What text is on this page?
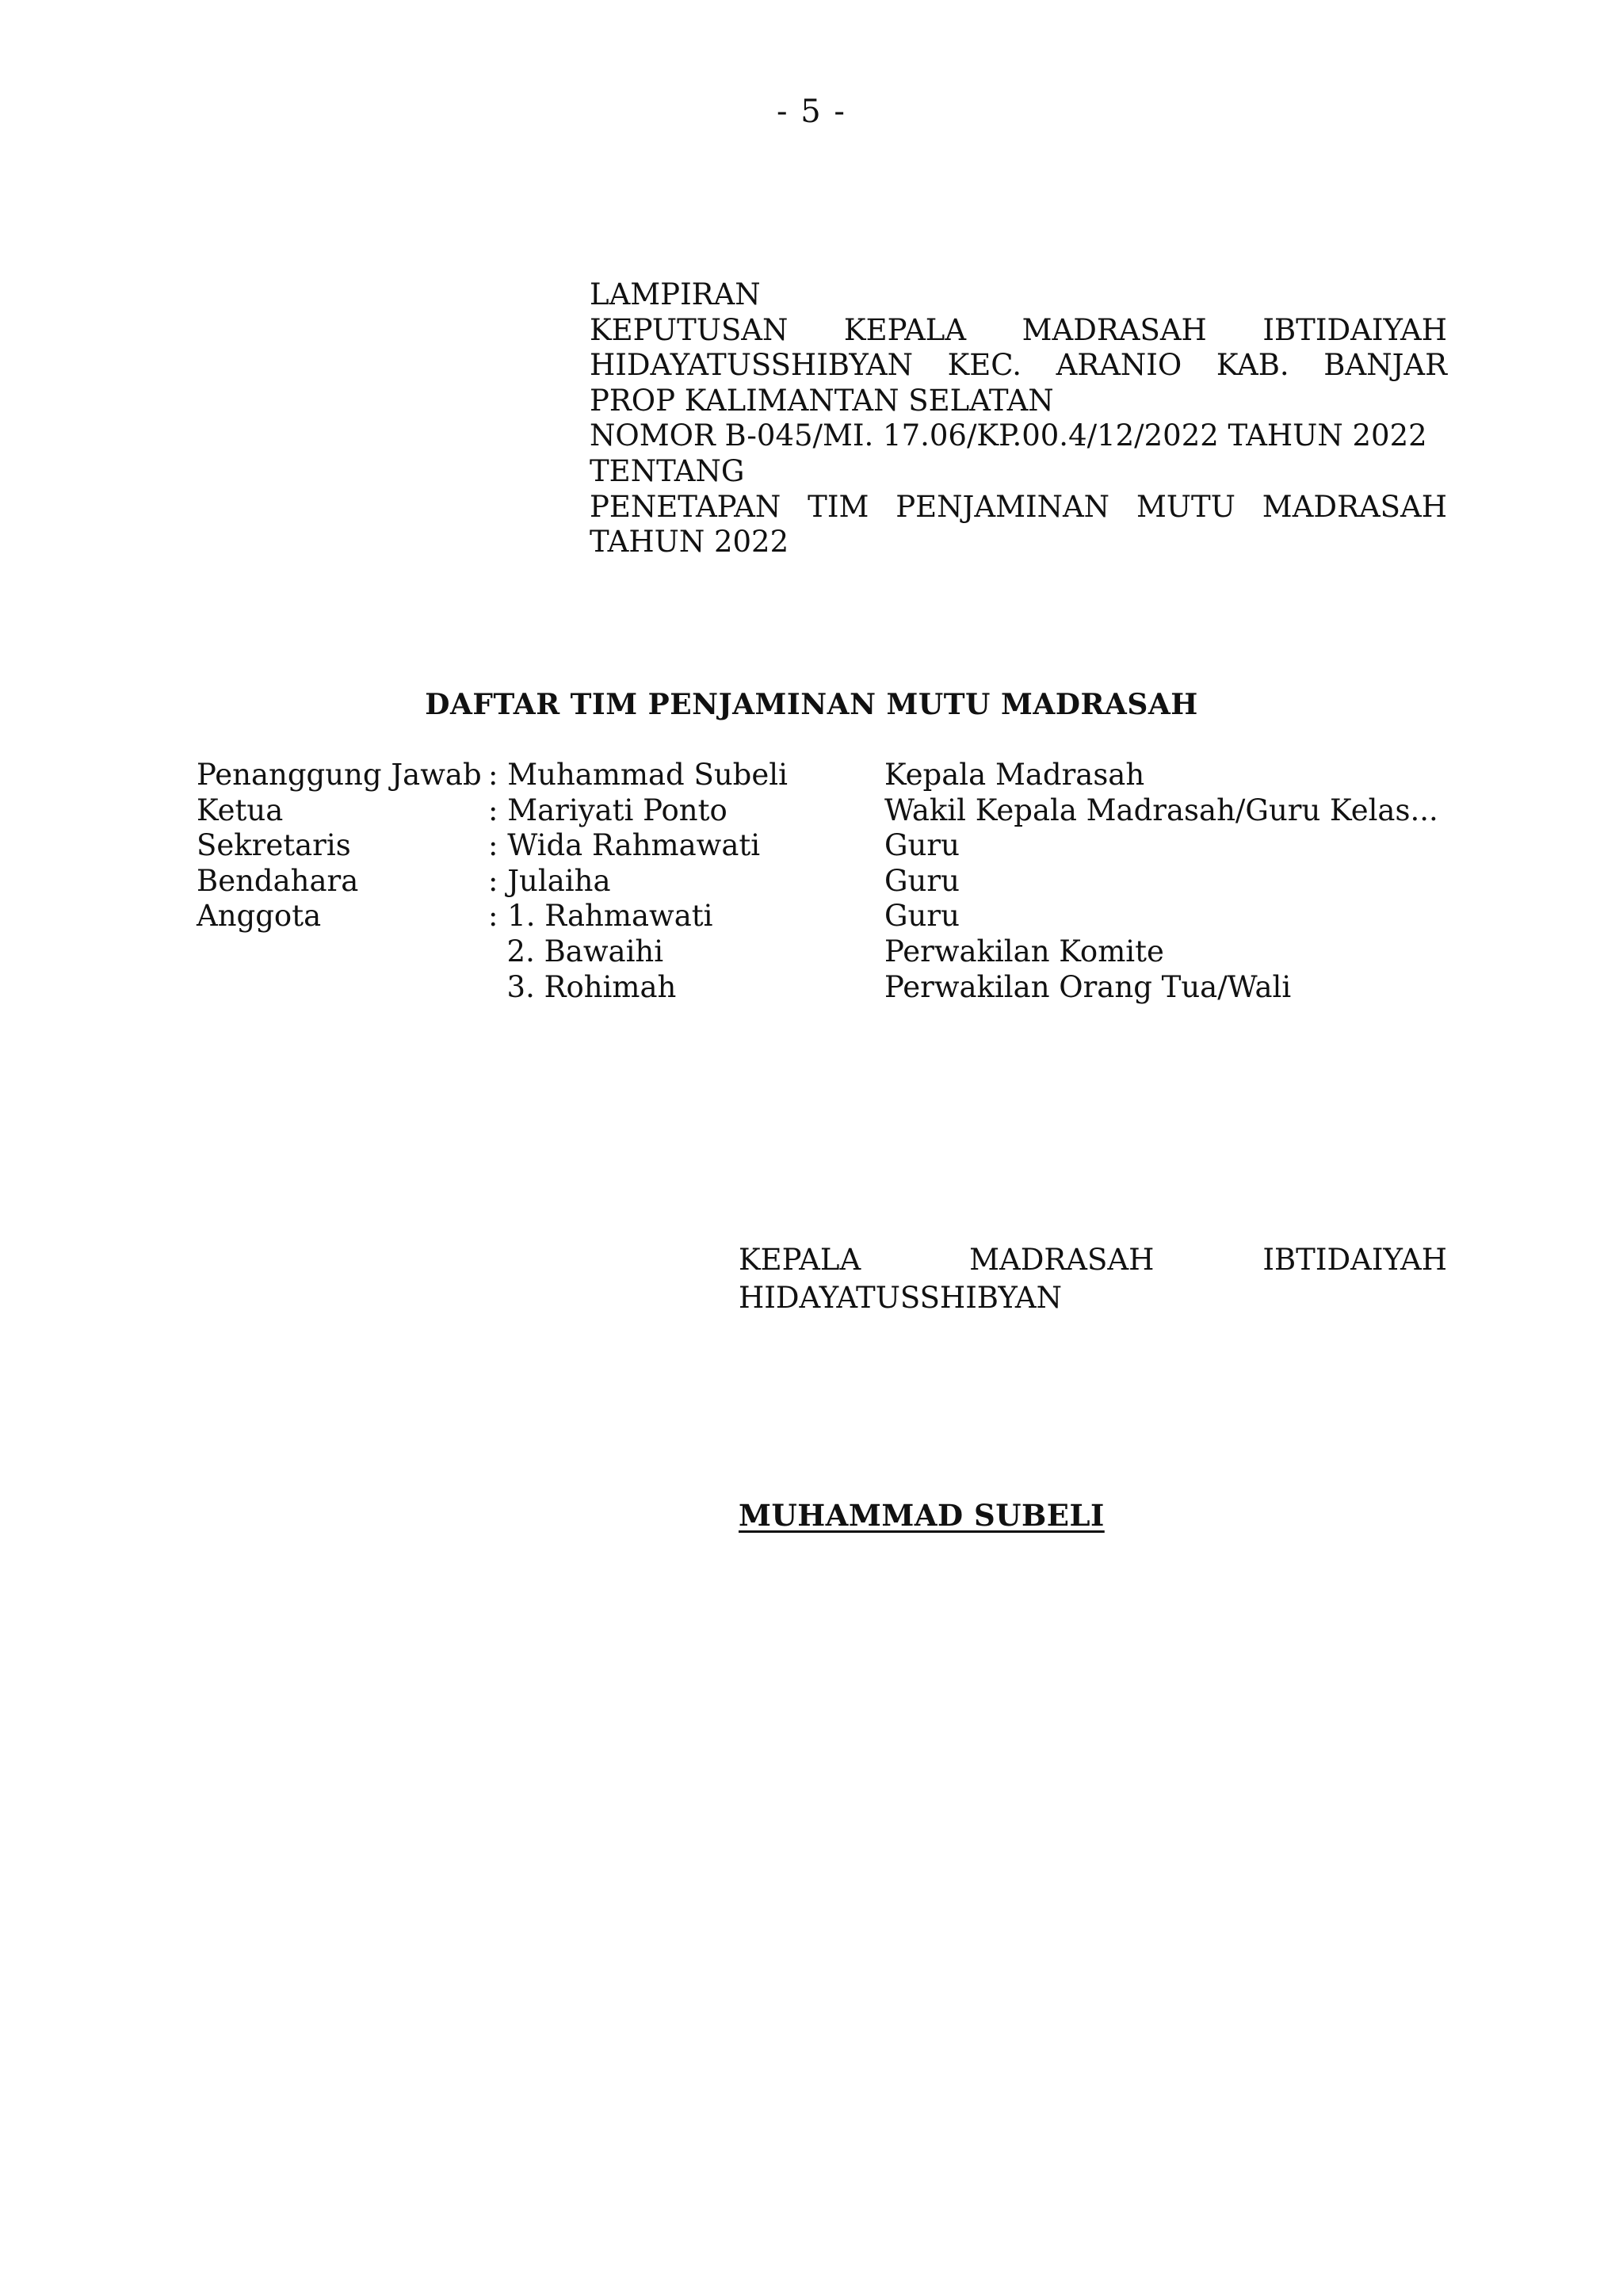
- 5 -
LAMPIRAN
KEPUTUSAN KEPALA MADRASAH IBTIDAIYAH
HIDAYATUSSHIBYAN KEC. ARANIO KAB. BANJAR
PROP KALIMANTAN SELATAN
NOMOR B-045/MI. 17.06/KP.00.4/12/2022 TAHUN 2022
TENTANG
PENETAPAN TIM PENJAMINAN MUTU MADRASAH
TAHUN 2022
DAFTAR TIM PENJAMINAN MUTU MADRASAH
Penanggung Jawab : Muhammad Subeli	Kepala Madrasah
Ketua	: Mariyati Ponto	Wakil Kepala Madrasah/Guru Kelas...
Sekretaris	: Wida Rahmawati	Guru
Bendahara	: Julaiha	Guru
Anggota	: 1. Rahmawati	Guru
2. Bawaihi	Perwakilan Komite
3. Rohimah	Perwakilan Orang Tua/Wali
KEPALA MADRASAH IBTIDAIYAH
HIDAYATUSSHIBYAN
MUHAMMAD SUBELI
